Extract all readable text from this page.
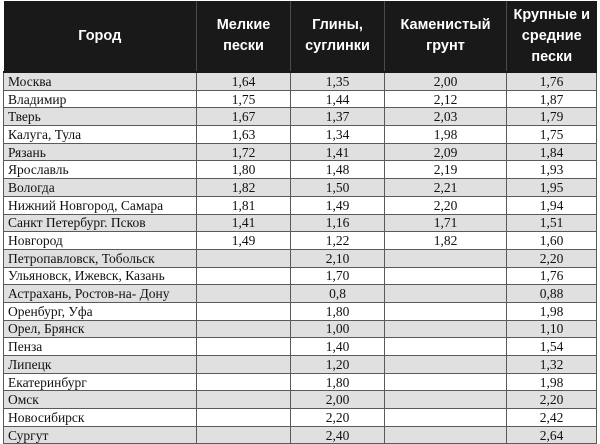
Город	Мелкие пески	Глины, суглинки	Каменистый грунт	Крупные и средние пески
Москва	1,64	1,35	2,00	1,76
Владимир	1,75	1,44	2,12	1,87
Тверь	1,67	1,37	2,03	1,79
Калуга, Тула	1,63	1,34	1,98	1,75
Рязань	1,72	1,41	2,09	1,84
Ярославль	1,80	1,48	2,19	1,93
Вологда	1,82	1,50	2,21	1,95
Нижний Новгород, Самара	1,81	1,49	2,20	1,94
Санкт Петербург. Псков	1,41	1,16	1,71	1,51
Новгород	1,49	1,22	1,82	1,60
Петропавловск, Тобольск		2,10		2,20
Ульяновск, Ижевск, Казань		1,70		1,76
Астрахань, Ростов-на- Дону		0,8		0,88
Оренбург, Уфа		1,80		1,98
Орел, Брянск		1,00		1,10
Пенза		1,40		1,54
Липецк		1,20		1,32
Екатеринбург		1,80		1,98
Омск		2,00		2,20
Новосибирск		2,20		2,42
Сургут		2,40		2,64
